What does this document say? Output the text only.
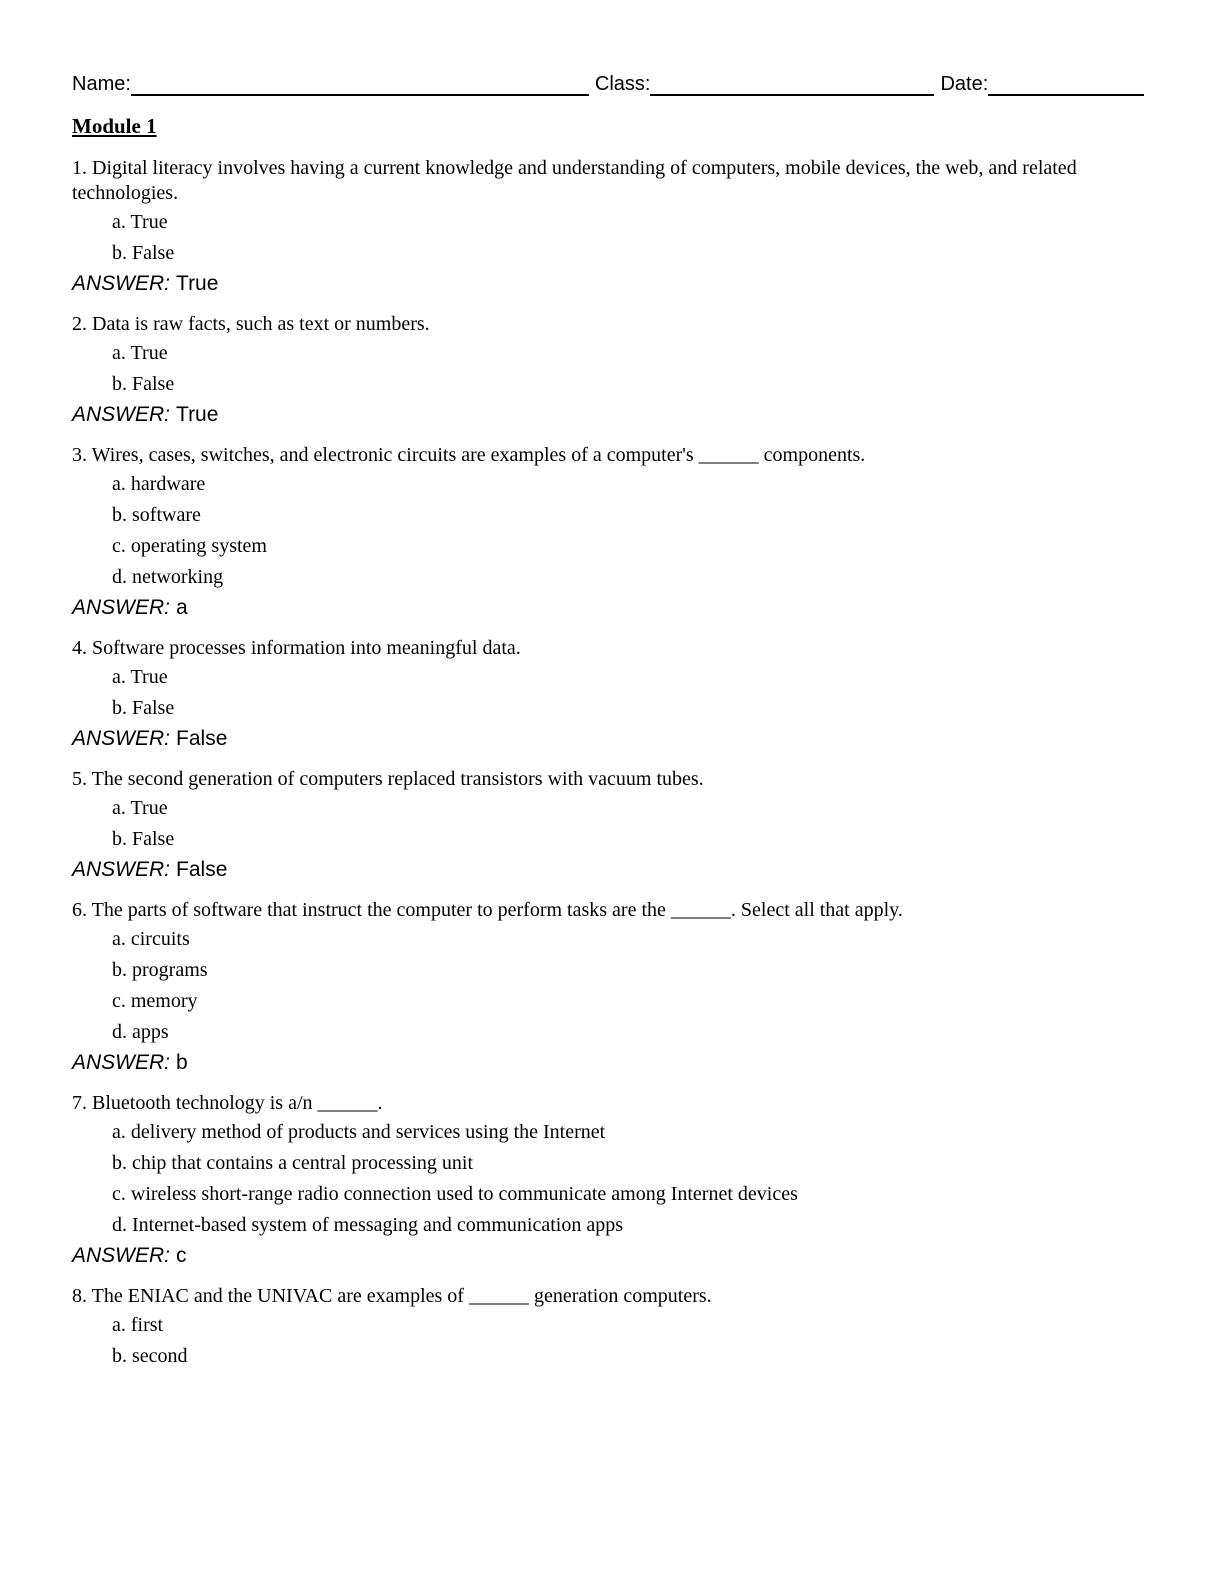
Name:	Class:	Date:
Module 1
1. Digital literacy involves having a current knowledge and understanding of computers, mobile devices, the web, and related technologies.
a. True
b. False
ANSWER: True
2. Data is raw facts, such as text or numbers.
a. True
b. False
ANSWER: True
3. Wires, cases, switches, and electronic circuits are examples of a computer's ______ components.
a. hardware
b. software
c. operating system
d. networking
ANSWER: a
4. Software processes information into meaningful data.
a. True
b. False
ANSWER: False
5. The second generation of computers replaced transistors with vacuum tubes.
a. True
b. False
ANSWER: False
6. The parts of software that instruct the computer to perform tasks are the ______. Select all that apply.
a. circuits
b. programs
c. memory
d. apps
ANSWER: b
7. Bluetooth technology is a/n ______.
a. delivery method of products and services using the Internet
b. chip that contains a central processing unit
c. wireless short-range radio connection used to communicate among Internet devices
d. Internet-based system of messaging and communication apps
ANSWER: c
8. The ENIAC and the UNIVAC are examples of ______ generation computers.
a. first
b. second
